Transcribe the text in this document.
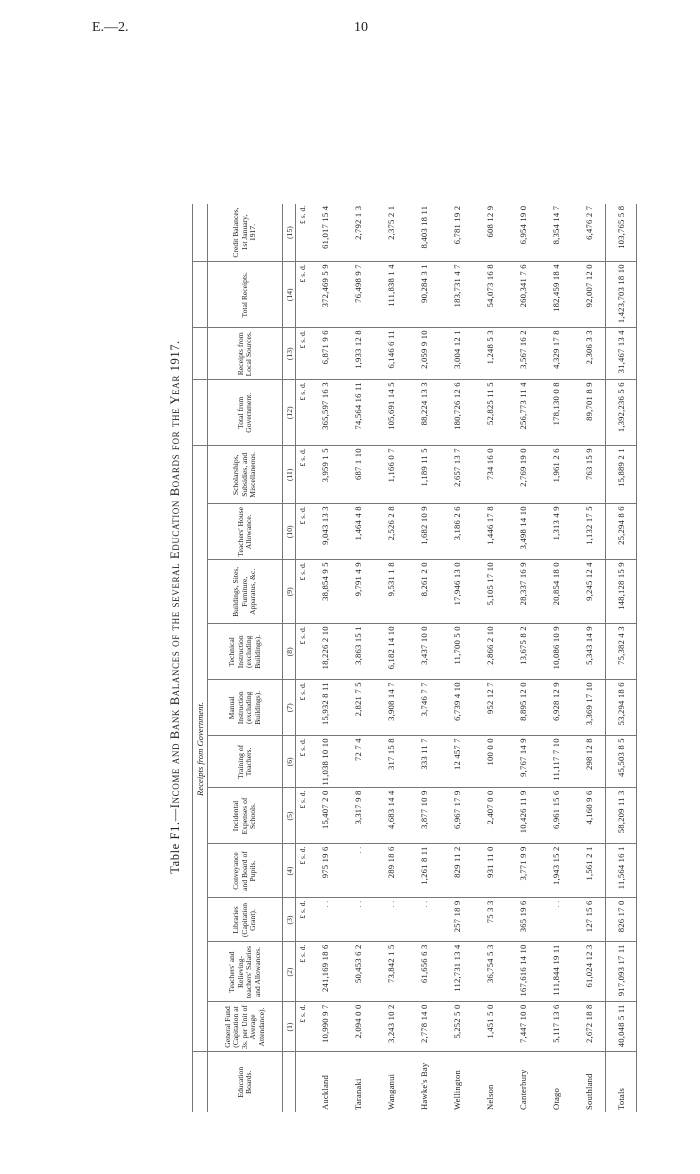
E.—2.	10
Table F1.—Income and Bank Balances of the several Education Boards for the Year 1917.
	Receipts from Government.														
Education Boards.	General Fund (Capitation at 3s. per Unit of Average Attendance).	Teachers' and Relieving-teachers' Salaries and Allowances.	Libraries (Capitation Grant).	Conveyance and Board of Pupils.	Incidental Expenses of Schools.	Training of Teachers.	Manual Instruction (excluding Buildings).	Technical Instruction (excluding Buildings).	Buildings, Sites, Furniture, Apparatus, &c.	Teachers' House Allowance.	Scholarships, Subsidies, and Miscellaneous.	Total from Government.	Receipts from Local Sources.	Total Receipts.	Credit Balances, 1st January, 1917.
	(1)	(2)	(3)	(4)	(5)	(6)	(7)	(8)	(9)	(10)	(11)	(12)	(13)	(14)	(15)
	£ s. d.	£ s. d.	£ s. d.	£ s. d.	£ s. d.	£ s. d.	£ s. d.	£ s. d.	£ s. d.	£ s. d.	£ s. d.	£ s. d.	£ s. d.	£ s. d.	£ s. d.
Auckland	10,990 9 7	241,169 18 6	. .	975 19 6	15,407 2 0	11,038 10 10	15,932 8 11	18,226 2 10	38,854 9 5	9,043 13 3	3,959 1 5	365,597 16 3	6,871 9 6	372,469 5 9	61,017 15 4
Taranaki	2,094 0 0	50,453 6 2	. .	. .	3,317 9 8	72 7 4	2,821 7 5	3,863 15 1	9,791 4 9	1,464 4 8	687 1 10	74,564 16 11	1,933 12 8	76,498 9 7	2,792 1 3
Wanganui	3,243 10 2	73,842 1 5	. .	289 18 6	4,683 14 4	317 15 8	3,908 14 7	6,182 14 10	9,531 1 8	2,526 2 8	1,166 0 7	105,691 14 5	6,146 6 11	111,838 1 4	2,375 2 1
Hawke's Bay	2,778 14 0	61,656 6 3	. .	1,261 8 11	3,877 10 9	333 11 7	3,746 7 7	3,437 10 0	8,261 2 0	1,682 10 9	1,189 11 5	88,224 13 3	2,059 9 10	90,284 3 1	8,403 18 11
Wellington	5,252 5 0	112,731 13 4	257 18 9	829 11 2	6,967 17 9	12 457 7	6,739 4 10	11,700 5 0	17,946 13 0	3,186 2 6	2,657 13 7	180,726 12 6	3,004 12 1	183,731 4 7	6,781 19 2
Nelson	1,451 5 0	36,754 5 3	75 3 3	931 11 0	2,407 0 0	100 0 0	952 12 7	2,866 2 10	5,105 17 10	1,446 17 8	734 16 0	52,825 11 5	1,248 5 3	54,073 16 8	608 12 9
Canterbury	7,447 10 0	167,616 14 10	365 19 6	3,771 9 9	10,426 11 9	9,767 14 9	8,895 12 0	13,675 8 2	28,337 16 9	3,498 14 10	2,769 19 0	256,773 11 4	3,567 16 2	260,341 7 6	6,954 19 0
Otago	5,117 13 6	111,844 19 11	. .	1,943 15 2	6,961 15 6	11,117 7 10	6,928 12 9	10,086 10 9	20,854 18 0	1,313 4 9	1,961 2 6	178,130 0 8	4,329 17 8	182,459 18 4	8,354 14 7
Southland	2,672 18 8	61,024 12 3	127 15 6	1,561 2 1	4,160 9 6	298 12 8	3,369 17 10	5,343 14 9	9,245 12 4	1,132 17 5	763 15 9	89,701 8 9	2,306 3 3	92,007 12 0	6,476 2 7
Totals	40,048 5 11	917,093 17 11	826 17 0	11,564 16 1	58,209 11 3	45,503 8 5	53,294 18 6	75,382 4 3	148,128 15 9	25,294 8 6	15,889 2 1	1,392,236 5 6	31,467 13 4	1,423,703 18 10	103,765 5 8
